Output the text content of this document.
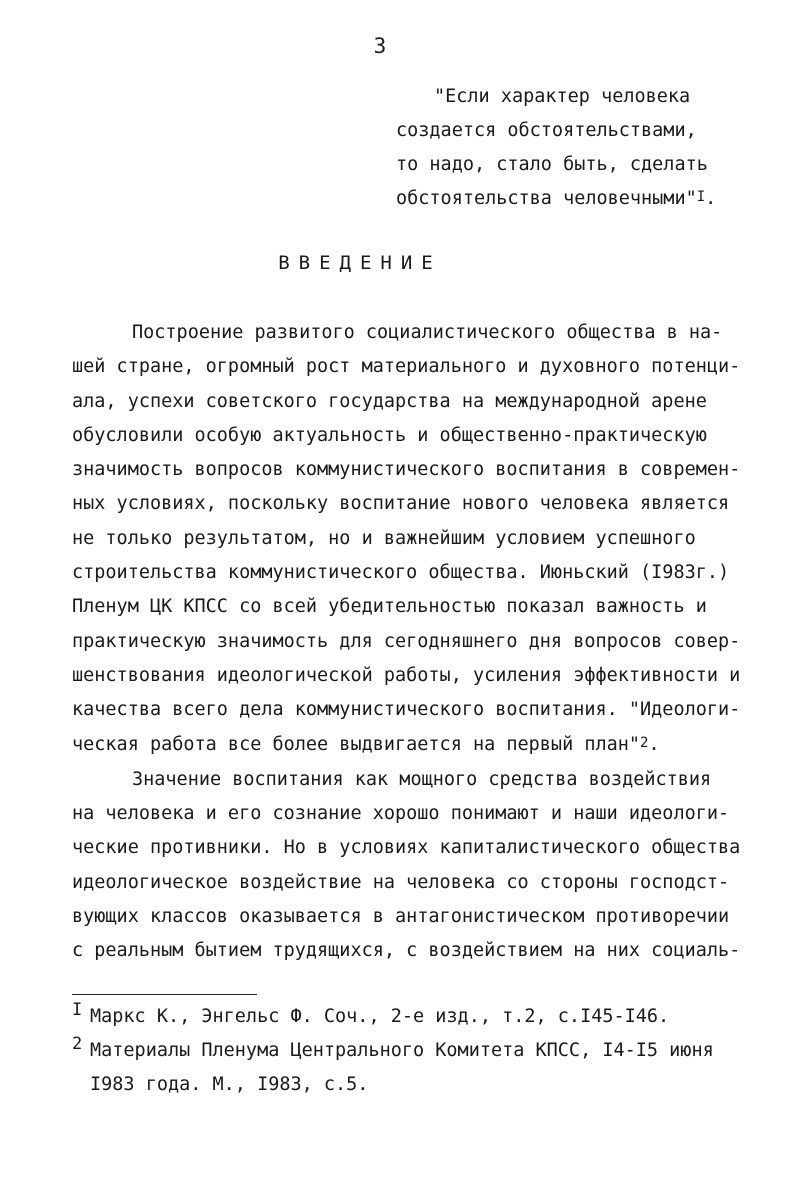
3
"Если характер человека
создается обстоятельствами,
то надо, стало быть, сделать
обстоятельства человечными"$^I$.
ВВЕДЕНИЕ
Построение развитого социалистического общества в на-
шей стране, огромный рост материального и духовного потенци-
ала, успехи советского государства на международной арене
обусловили особую актуальность и общественно-практическую
значимость вопросов коммунистического воспитания в современ-
ных условиях, поскольку воспитание нового человека является
не только результатом, но и важнейшим условием успешного
строительства коммунистического общества. Июньский (I983г.)
Пленум ЦК КПСС со всей убедительностью показал важность и
практическую значимость для сегодняшнего дня вопросов совер-
шенствования идеологической работы, усиления эффективности и
качества всего дела коммунистического воспитания. "Идеологи-
ческая работа все более выдвигается на первый план"$^2$.
Значение воспитания как мощного средства воздействия
на человека и его сознание хорошо понимают и наши идеологи-
ческие противники. Но в условиях капиталистического общества
идеологическое воздействие на человека со стороны господст-
вующих классов оказывается в антагонистическом противоречии
с реальным бытием трудящихся, с воздействием на них социаль-
I Маркс К., Энгельс Ф. Соч., 2-е изд., т.2, с.I45-I46.
2 Материалы Пленума Центрального Комитета КПСС, I4-I5 июня
I983 года. М., I983, с.5.
